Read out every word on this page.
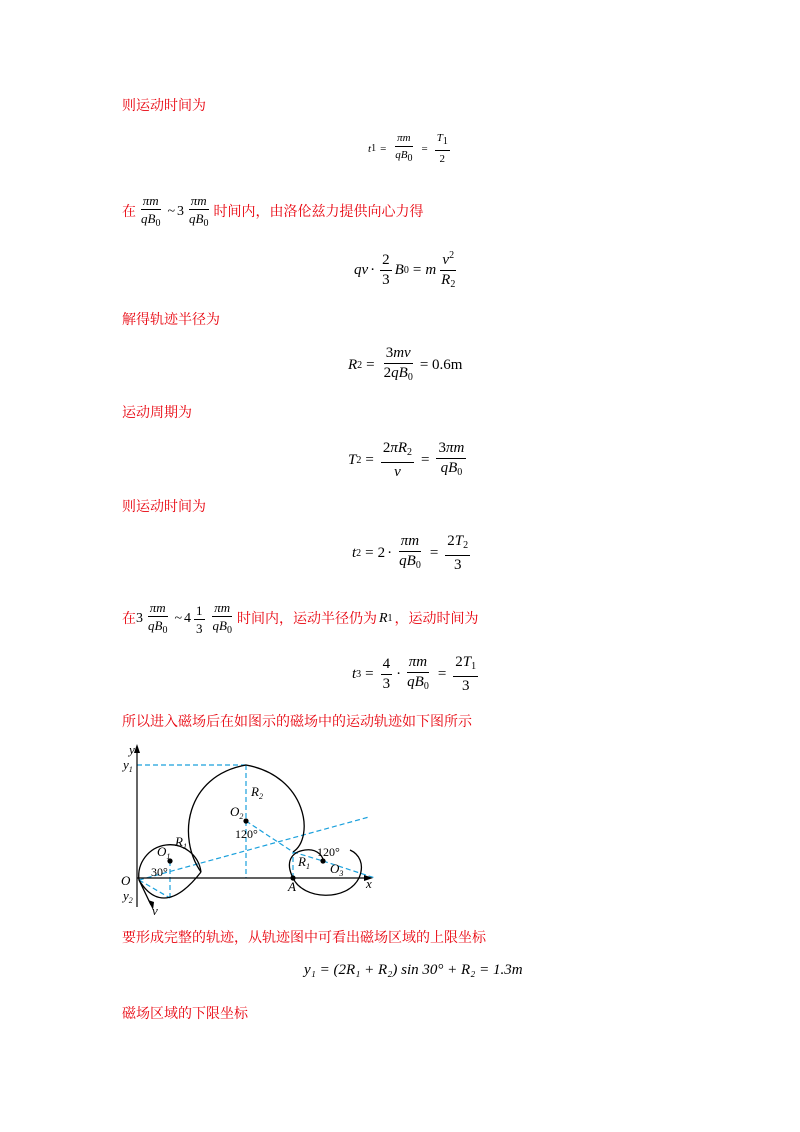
则运动时间为
t $1 = \frac{\pi m}{qB_0} = \frac{T_1}{2}$
在 $\frac{\pi m}{qB_0}$ ~ $3 \frac{\pi m}{qB_0}$ 时间内，由洛伦兹力提供向心力得
qv · $\frac{2}{3}$ B 0 = m $\frac{v^2}{R_2}$
解得轨迹半径为
R $2 = \frac{3mv}{2qB_0} = 0.6m$
运动周期为
T $2 = \frac{2\pi R_2}{v} = \frac{3\pi m}{qB_0}$
则运动时间为
t $2 = 2 \cdot \frac{\pi m}{qB_0} = \frac{2T_2}{3}$
在 $3 \frac{\pi m}{qB_0}$ ~ $4 \frac{1}{3} \frac{\pi m}{qB_0}$ 时间内，运动半径仍为 R 1 ，运动时间为
t $3 = \frac{4}{3} \cdot \frac{\pi m}{qB_0} = \frac{2T_1}{3}$
所以进入磁场后在如图示的磁场中的运动轨迹如下图所示
y
$y_1$
$y_2$
O	x
A
v
$O_1$
$O_2$
$O_3$
$R_1$
$R_1$
$R_2$
30°
120°
120°
要形成完整的轨迹，从轨迹图中可看出磁场区域的上限坐标
y₁ = (2R₁ + R₂) sin 30° + R₂ = 1.3m
磁场区域的下限坐标
